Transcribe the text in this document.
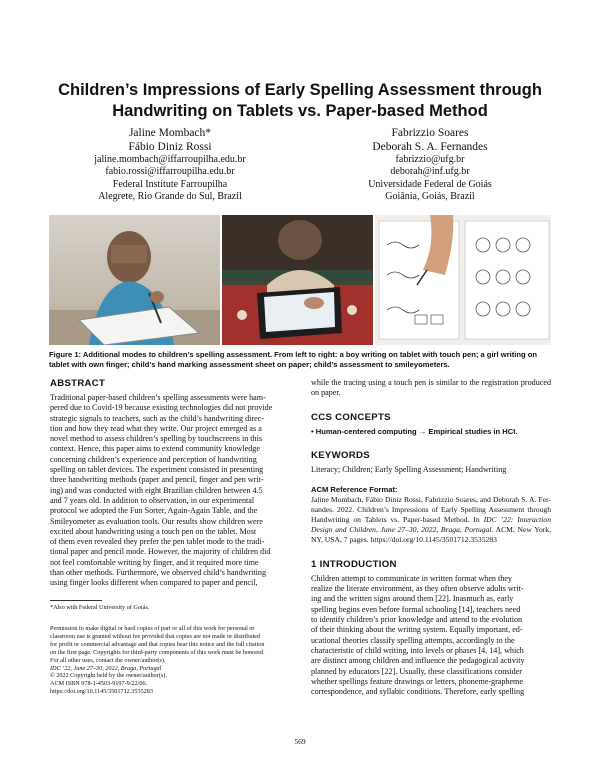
Children’s Impressions of Early Spelling Assessment through
Handwriting on Tablets vs. Paper-based Method
Jaline Mombach*
Fábio Diniz Rossi
jaline.mombach@iffarroupilha.edu.br
fabio.rossi@iffarroupilha.edu.br
Federal Institute Farroupilha
Alegrete, Rio Grande do Sul, Brazil
Fabrizzio Soares
Deborah S. A. Fernandes
fabrizzio@ufg.br
deborah@inf.ufg.br
Universidade Federal de Goiás
Goiânia, Goiás, Brazil
Figure 1: Additional modes to children’s spelling assessment. From left to right: a boy writing on tablet with touch pen; a girl writing on tablet with own finger; child’s hand marking assessment sheet on paper; child’s assessment to smileyometers.
ABSTRACT
Traditional paper-based children’s spelling assessments were ham-
pered due to Covid-19 because existing technologies did not provide
strategic signals to teachers, such as the child’s handwriting direc-
tion and how they read what they write. Our project emerged as a
novel method to assess children’s spelling by touchscreens in this
context. Hence, this paper aims to extend community knowledge
concerning children’s experience and perception of handwriting
spelling on tablet devices. The experiment consisted in presenting
three handwriting methods (paper and pencil, finger and pen writ-
ing) and was conducted with eight Brazilian children between 4.5
and 7 years old. In addition to observation, in our experimental
protocol we adopted the Fun Sorter, Again-Again Table, and the
Smileyometer as evaluation tools. Our results show children were
excited about handwriting using a touch pen on the tablet. Most
of them even revealed they prefer the pen tablet mode to the tradi-
tional paper and pencil mode. However, the majority of children did
not feel comfortable writing by finger, and it required more time
than other methods. Furthermore, we observed child’s handwriting
using finger looks different when compared to paper and pencil,
*Also with Federal University of Goiás.
Permission to make digital or hard copies of part or all of this work for personal or
classroom use is granted without fee provided that copies are not made or distributed
for profit or commercial advantage and that copies bear this notice and the full citation
on the first page. Copyrights for third-party components of this work must be honored.
For all other uses, contact the owner/author(s).
IDC ’22, June 27–30, 2022, Braga, Portugal
© 2022 Copyright held by the owner/author(s).
ACM ISBN 978-1-4503-9197-9/22/06.
https://doi.org/10.1145/3501712.3535283
while the tracing using a touch pen is similar to the registration produced on paper.
CCS CONCEPTS
• Human-centered computing → Empirical studies in HCI.
KEYWORDS
Literacy; Children; Early Spelling Assessment; Handwriting
ACM Reference Format:
Jaline Mombach, Fábio Diniz Rossi, Fabrizzio Soares, and Deborah S. A. Fer-nandes. 2022. Children’s Impressions of Early Spelling Assessment through Handwriting on Tablets vs. Paper-based Method. In IDC ’22: Interaction Design and Children, June 27–30, 2022, Braga, Portugal. ACM, New York, NY, USA, 7 pages. https://doi.org/10.1145/3501712.3535283
1 INTRODUCTION
Children attempt to communicate in written format when they
realize the literate environment, as they often observe adults writ-
ing and the written signs around them [22]. Inasmuch as, early
spelling begins even before formal schooling [14], teachers need
to identify children’s prior knowledge and attend to the evolution
of their thinking about the writing system. Equally important, ed-
ucational theories classify spelling attempts, accordingly to the
characteristic of child writing, into levels or phases [4, 14], which
are distinct among children and influence the pedagogical activity
planned by educators [22]. Usually, these classifications consider
whether spellings feature drawings or letters, phoneme-grapheme
correspondence, and syllabic conditions. Therefore, early spelling
569
